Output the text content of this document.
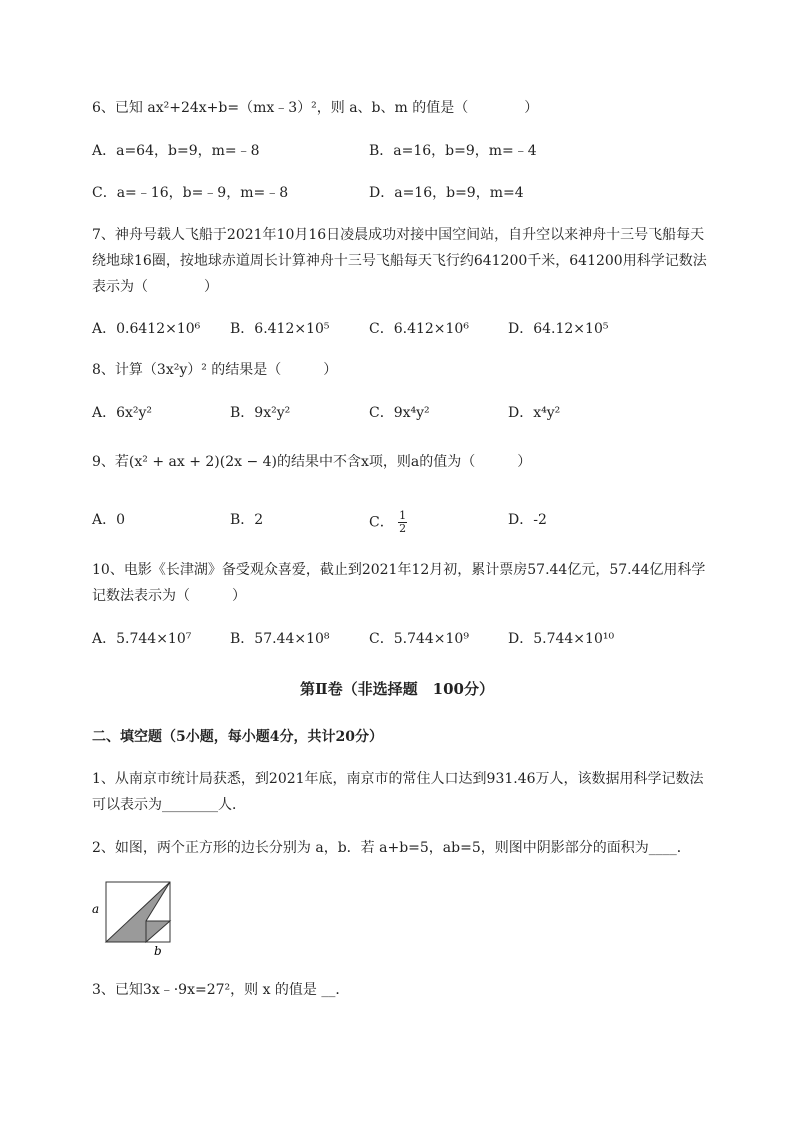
6、已知 ax²+24x+b=（mx﹣3）²，则 a、b、m 的值是（　　　　）
A．a=64，b=9，m=﹣8	B．a=16，b=9，m=﹣4
C．a=﹣16，b=﹣9，m=﹣8	D．a=16，b=9，m=4
7、神舟号载人飞船于2021年10月16日凌晨成功对接中国空间站，自升空以来神舟十三号飞船每天
绕地球16圈，按地球赤道周长计算神舟十三号飞船每天飞行约641200千米，641200用科学记数法
表示为（　　　　）
A．0.6412×10⁶ B．6.412×10⁵	C．6.412×10⁶	D．64.12×10⁵
8、计算（3x²y）² 的结果是（　　　）
A．6x²y²	B．9x²y²	C．9x⁴y²	D．x⁴y²
9、若(x² + ax + 2)(2x − 4)的结果中不含x项，则a的值为（　　　）
A．0	B．2	C． $\frac{1}{2}$	D．-2
10、电影《长津湖》备受观众喜爱，截止到2021年12月初，累计票房57.44亿元，57.44亿用科学
记数法表示为（　　　）
A．5.744×10⁷	B．57.44×10⁸	C．5.744×10⁹	D．5.744×10¹⁰
第Ⅱ卷（非选择题　100分）
二、填空题（5小题，每小题4分，共计20分）
1、从南京市统计局获悉，到2021年底，南京市的常住人口达到931.46万人，该数据用科学记数法
可以表示为________人．
2、如图，两个正方形的边长分别为 a，b．若 a+b=5，ab=5，则图中阴影部分的面积为____．
a
b
3、已知3x﹣·9x=27²，则 x 的值是 __．
